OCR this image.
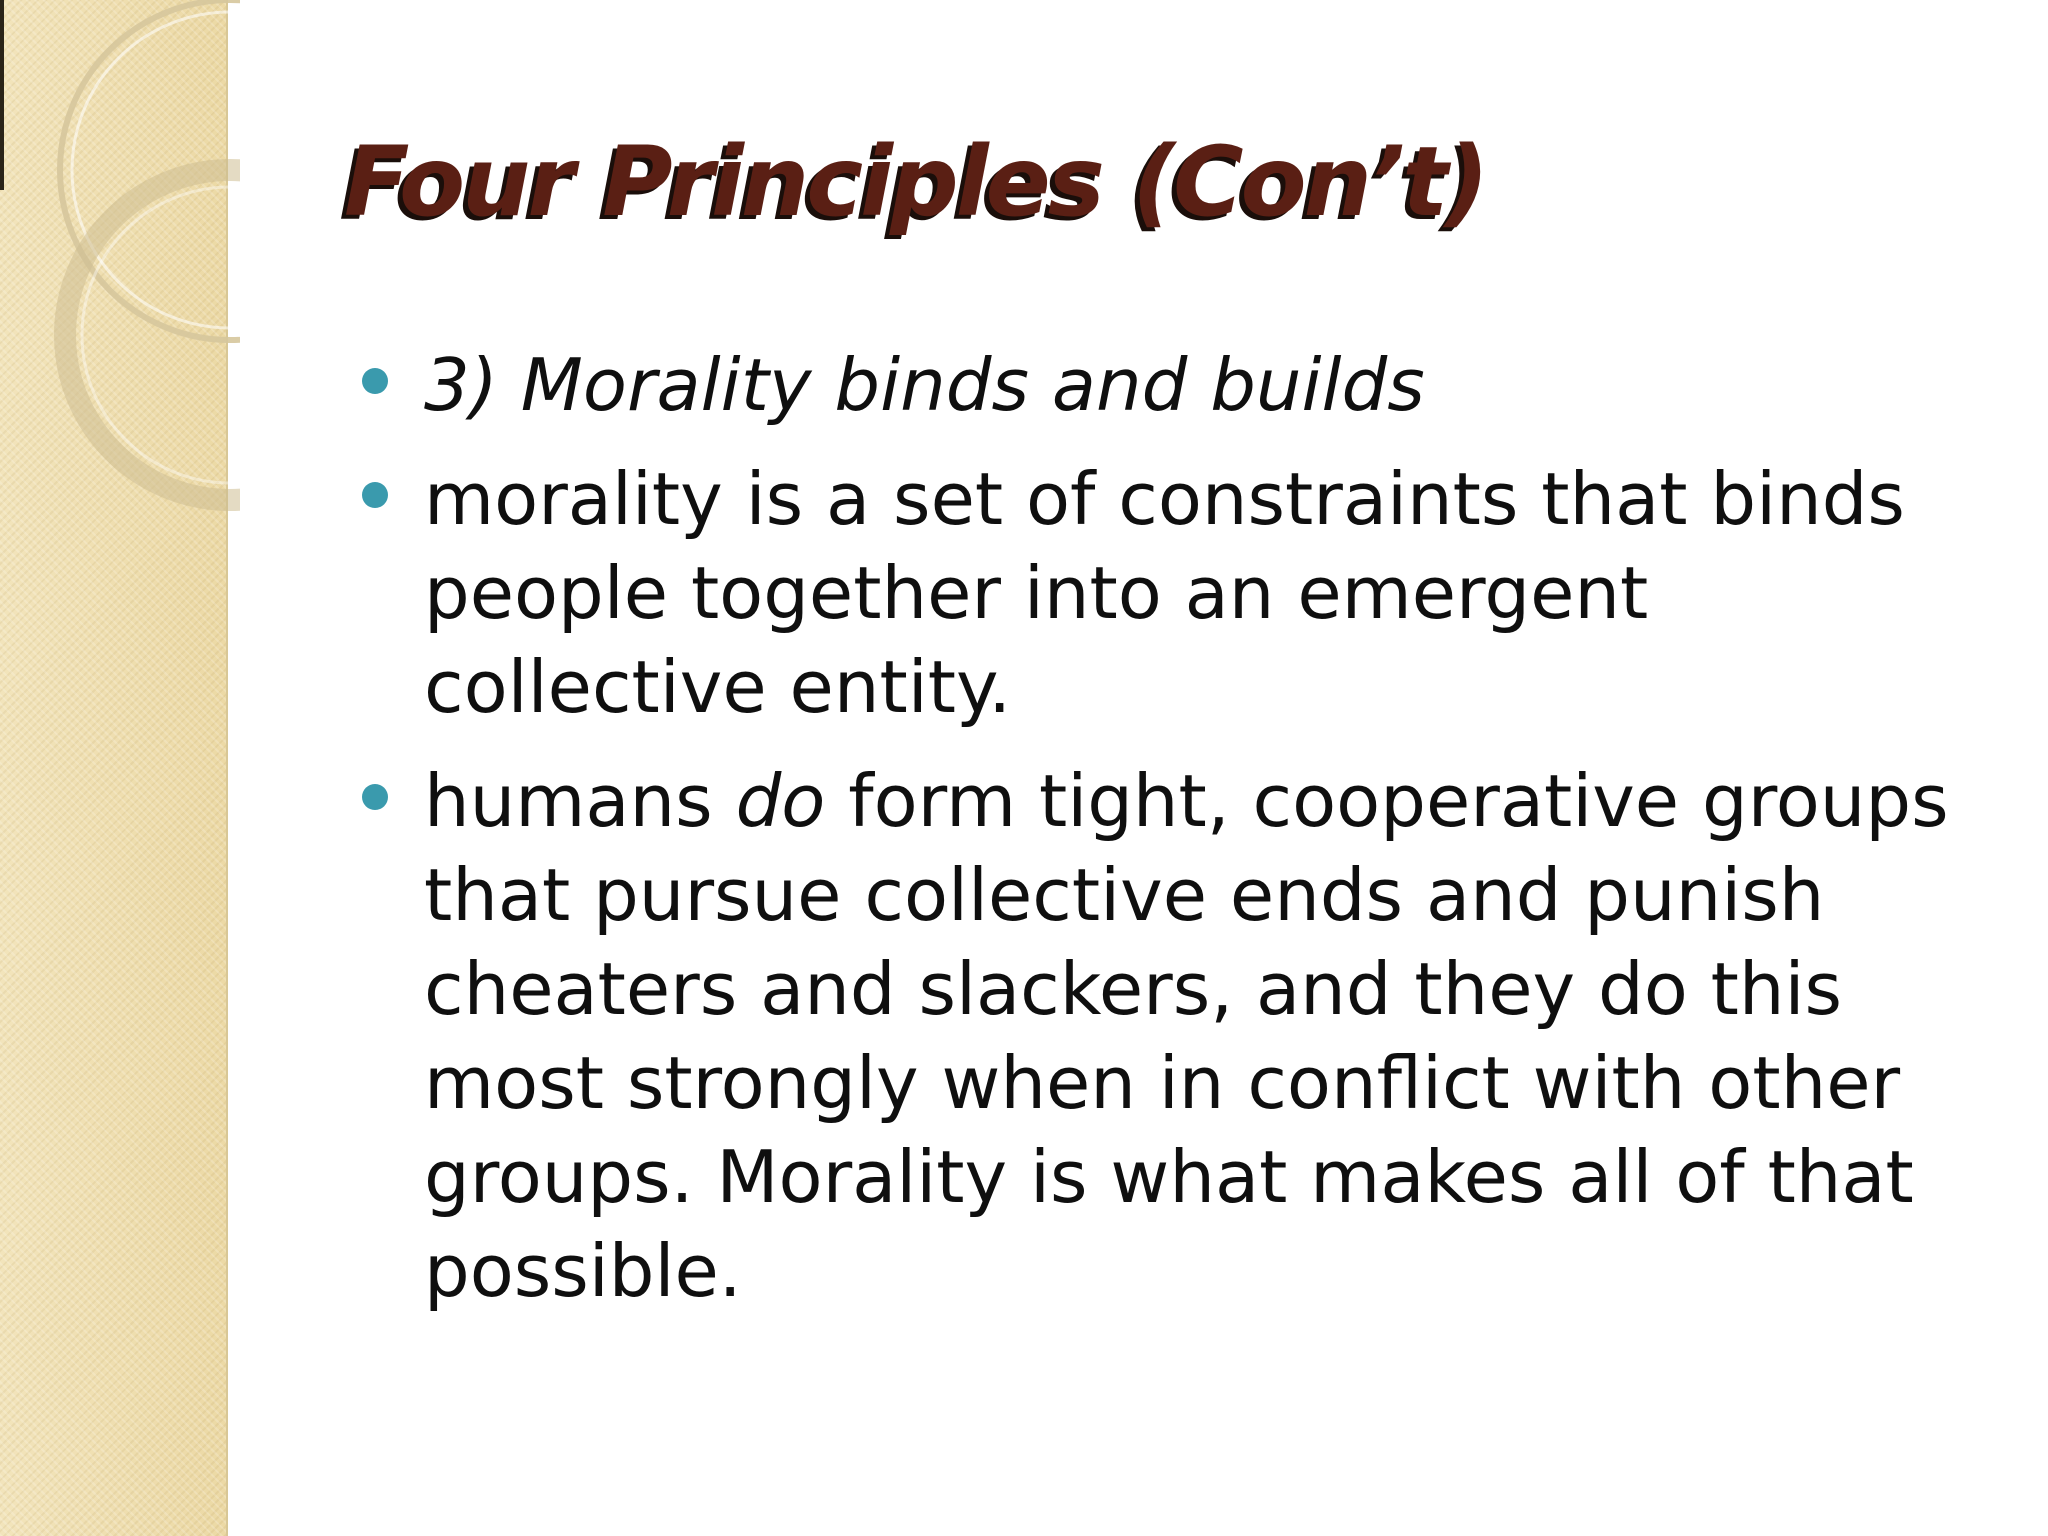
Four Principles (Con’t)
3) Morality binds and builds
morality is a set of constraints that binds people together into an emergent collective entity.
humans do form tight, cooperative groups that pursue collective ends and punish cheaters and slackers, and they do this most strongly when in conflict with other groups. Morality is what makes all of that possible.
